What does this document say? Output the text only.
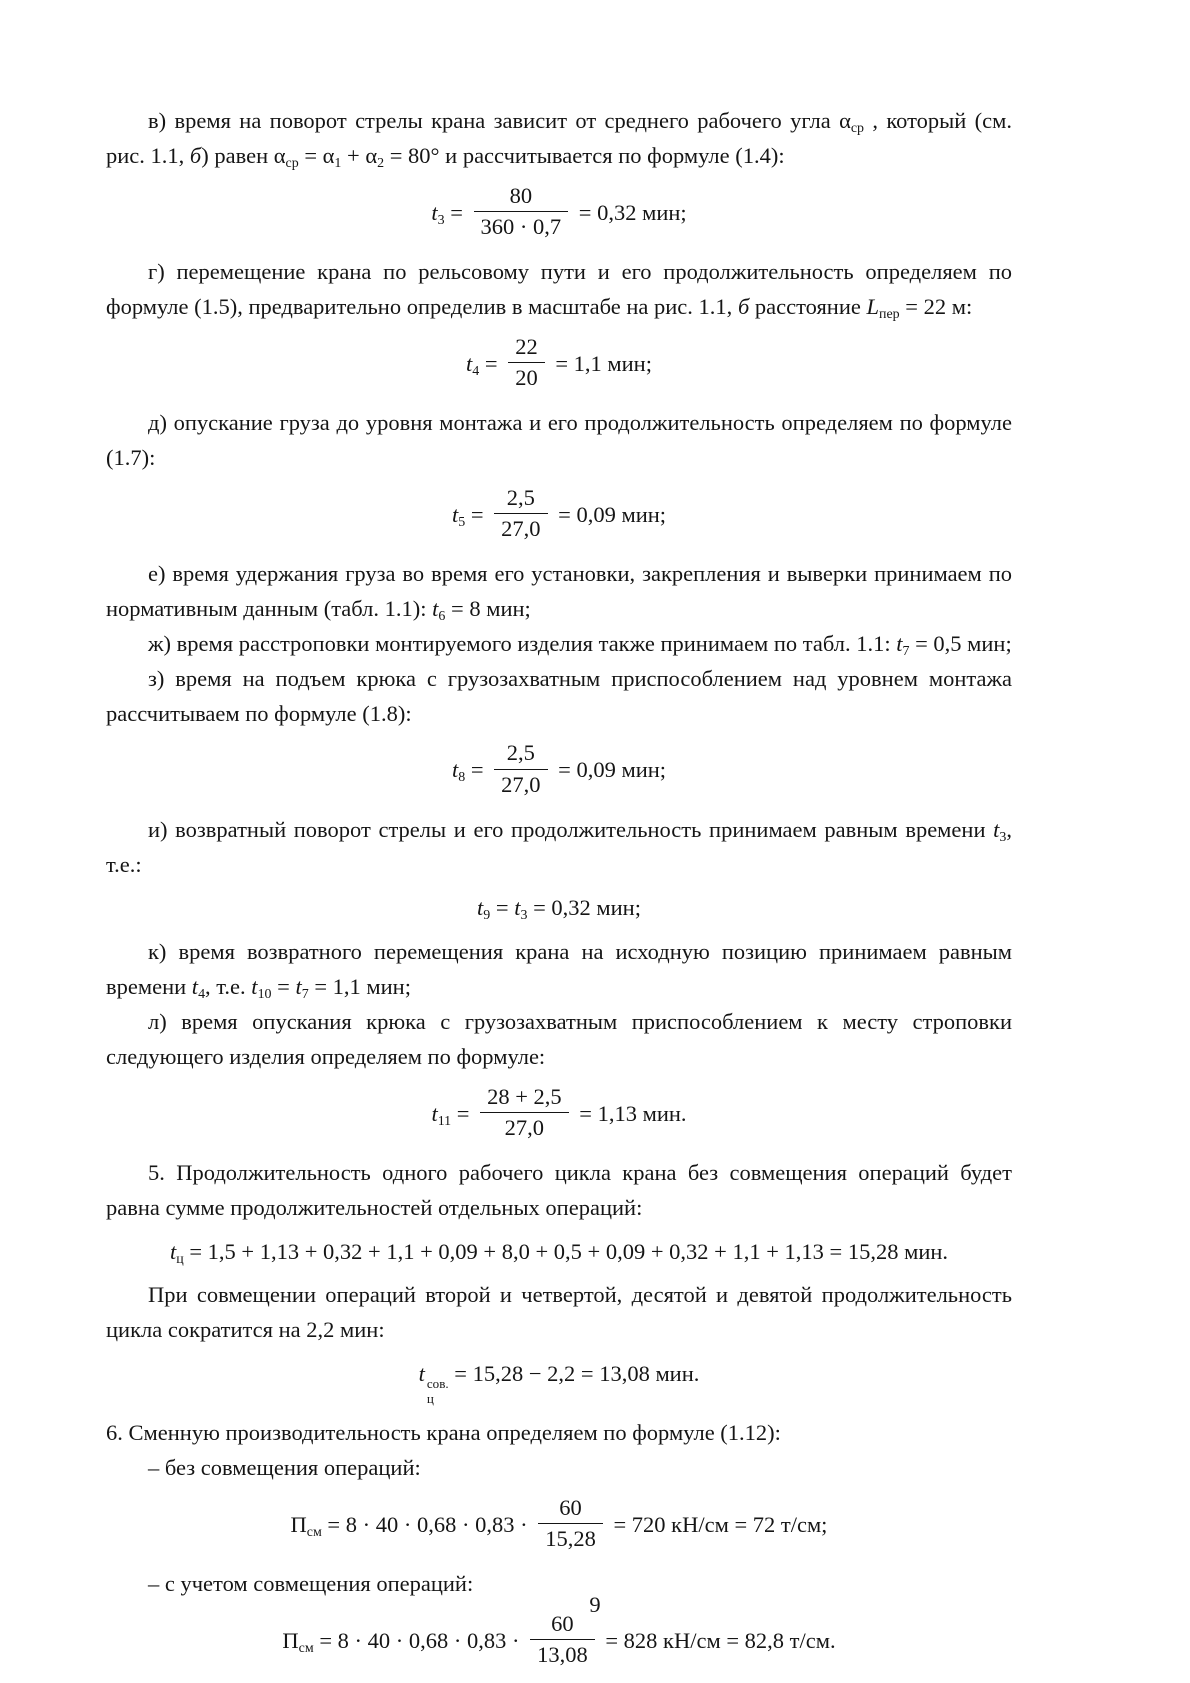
в) время на поворот стрелы крана зависит от среднего рабочего угла $\alpha_{ср}$ , который (см. рис. 1.1, б) равен $\alpha_{ср} = \alpha_1 + \alpha_2 = 80^\circ$ и рассчитывается по формуле (1.4):
$t_3 = \frac{80}{360 \cdot 0,7} = 0,32$ мин;
г) перемещение крана по рельсовому пути и его продолжительность определяем по формуле (1.5), предварительно определив в масштабе на рис. 1.1, б расстояние $L_{пер} = 22$ м:
$t_4 = \frac{22}{20} = 1,1$ мин;
д) опускание груза до уровня монтажа и его продолжительность определяем по формуле (1.7):
$t_5 = \frac{2,5}{27,0} = 0,09$ мин;
е) время удержания груза во время его установки, закрепления и выверки принимаем по нормативным данным (табл. 1.1): $t_6 = 8$ мин;
ж) время расстроповки монтируемого изделия также принимаем по табл. 1.1: $t_7 = 0,5$ мин;
з) время на подъем крюка с грузозахватным приспособлением над уровнем монтажа рассчитываем по формуле (1.8):
$t_8 = \frac{2,5}{27,0} = 0,09$ мин;
и) возвратный поворот стрелы и его продолжительность принимаем равным времени $t_3$, т.е.:
$t_9 = t_3 = 0,32$ мин;
к) время возвратного перемещения крана на исходную позицию принимаем равным времени $t_4$, т.е. $t_{10} = t_7 = 1,1$ мин;
л) время опускания крюка с грузозахватным приспособлением к месту строповки следующего изделия определяем по формуле:
$t_{11} = \frac{28 + 2,5}{27,0} = 1,13$ мин.
5. Продолжительность одного рабочего цикла крана без совмещения операций будет равна сумме продолжительностей отдельных операций:
$t_ц = 1,5 + 1,13 + 0,32 + 1,1 + 0,09 + 8,0 + 0,5 + 0,09 + 0,32 + 1,1 + 1,13 = 15,28$ мин.
При совмещении операций второй и четвертой, десятой и девятой продолжительность цикла сократится на 2,2 мин:
t сов.
ц
= 15,28 − 2,2 = 13,08 мин.
6. Сменную производительность крана определяем по формуле (1.12):
– без совмещения операций:
$П_{см} = 8 \cdot 40 \cdot 0,68 \cdot 0,83 \cdot \frac{60}{15,28} = 720$ кН/см = 72 т/см;
– с учетом совмещения операций:
$П_{см} = 8 \cdot 40 \cdot 0,68 \cdot 0,83 \cdot \frac{60}{13,08} = 828$ кН/см = 82,8 т/см.
9
